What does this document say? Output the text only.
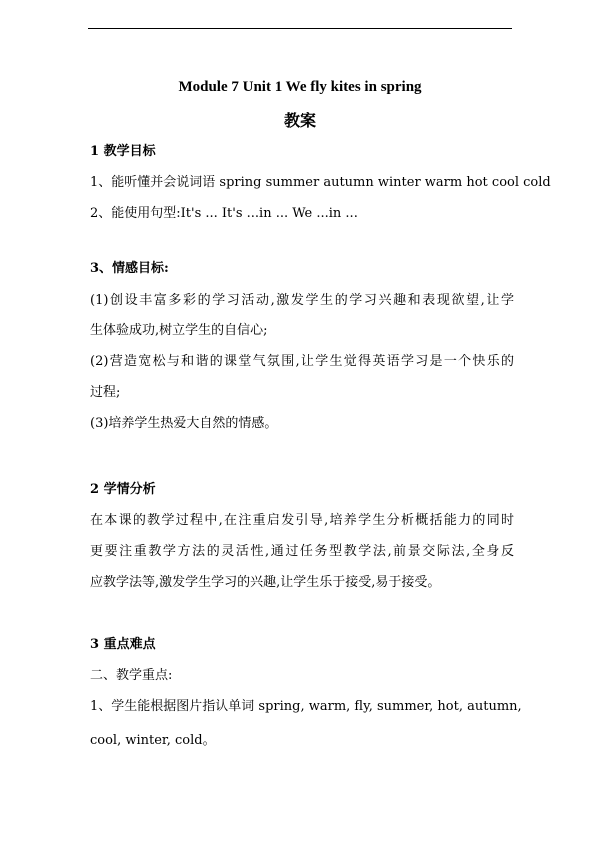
Module 7 Unit 1 We fly kites in spring
教案
1 教学目标
1、能听懂并会说词语 spring summer autumn winter warm hot cool cold
2、能使用句型:It's ... It's ...in ... We ...in ...
3、情感目标:
(1)创设丰富多彩的学习活动,激发学生的学习兴趣和表现欲望,让学
生体验成功,树立学生的自信心;
(2)营造宽松与和谐的课堂气氛围,让学生觉得英语学习是一个快乐的
过程;
(3)培养学生热爱大自然的情感。
2 学情分析
在本课的教学过程中,在注重启发引导,培养学生分析概括能力的同时
更要注重教学方法的灵活性,通过任务型教学法,前景交际法,全身反
应教学法等,激发学生学习的兴趣,让学生乐于接受,易于接受。
3 重点难点
二、教学重点:
1、学生能根据图片指认单词 spring, warm, fly, summer, hot, autumn,
cool, winter, cold。
